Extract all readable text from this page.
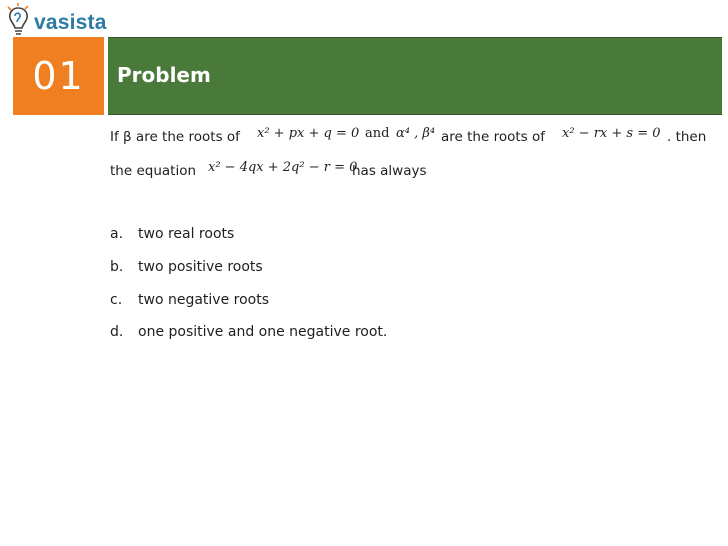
vasista
01 Problem
If β are the roots of x² + px + q = 0 and α⁴ , β⁴ are the roots of x² − rx + s = 0 . then
the equation x² − 4qx + 2q² − r = 0
has always
a. two real roots
b. two positive roots
c. two negative roots
d. one positive and one negative root.
